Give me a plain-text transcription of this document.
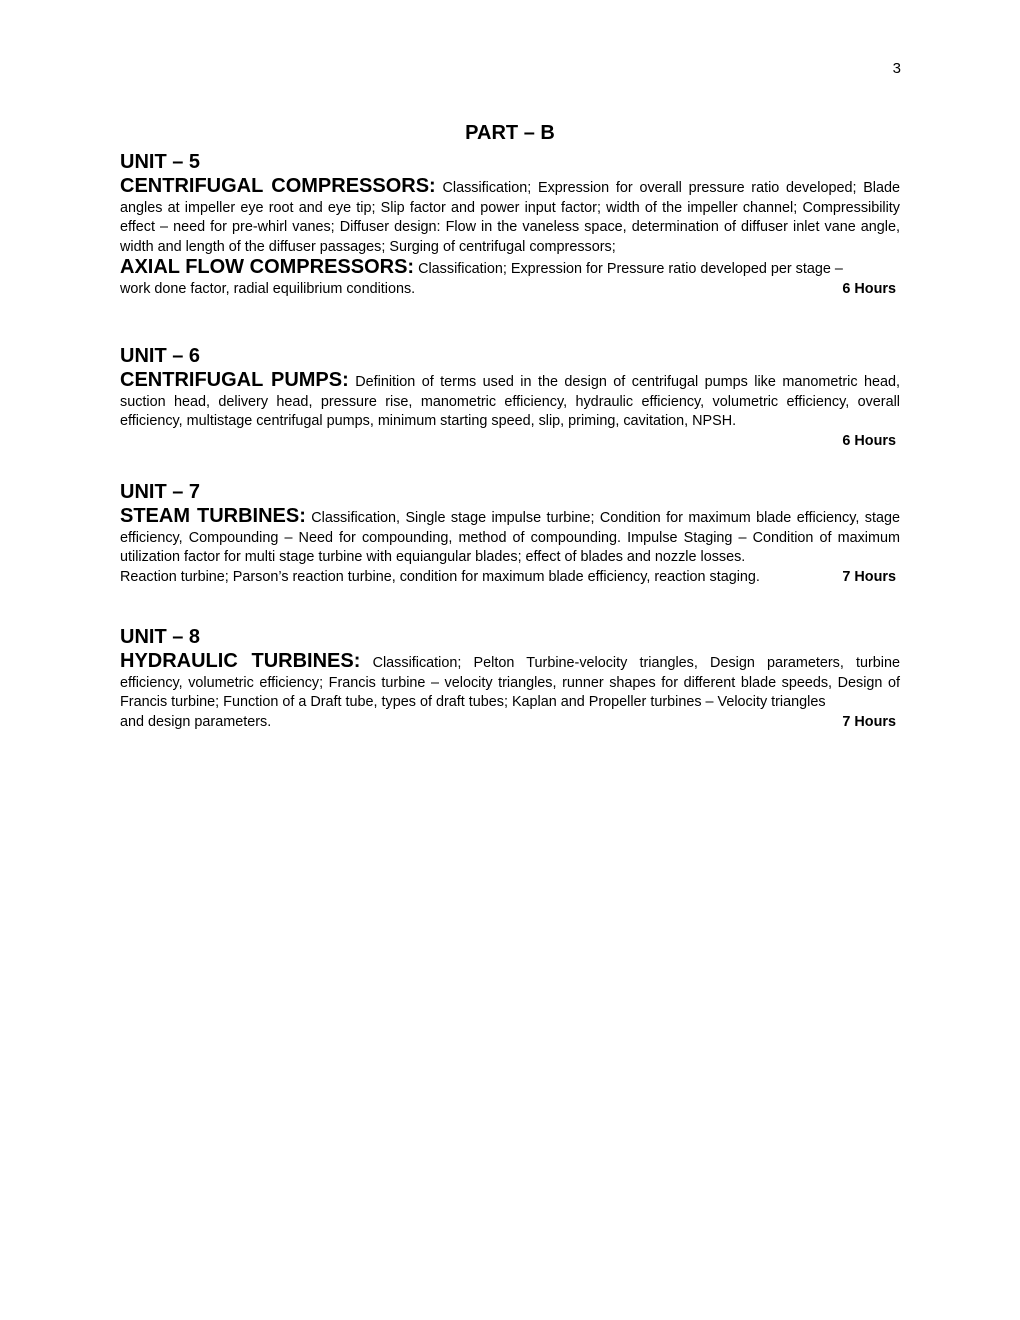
3
PART – B
UNIT – 5

CENTRIFUGAL COMPRESSORS: Classification; Expression for overall pressure ratio developed; Blade angles at impeller eye root and eye tip; Slip factor and power input factor; width of the impeller channel; Compressibility effect – need for pre-whirl vanes; Diffuser design: Flow in the vaneless space, determination of diffuser inlet vane angle, width and length of the diffuser passages; Surging of centrifugal compressors;

AXIAL FLOW COMPRESSORS: Classification; Expression for Pressure ratio developed per stage –

work done factor, radial equilibrium conditions.	6 Hours
UNIT – 6

CENTRIFUGAL PUMPS: Definition of terms used in the design of centrifugal pumps like manometric head, suction head, delivery head, pressure rise, manometric efficiency, hydraulic efficiency, volumetric efficiency, overall efficiency, multistage centrifugal pumps, minimum starting speed, slip, priming, cavitation, NPSH.

6 Hours
UNIT – 7

STEAM TURBINES: Classification, Single stage impulse turbine; Condition for maximum blade efficiency, stage efficiency, Compounding – Need for compounding, method of compounding. Impulse Staging – Condition of maximum utilization factor for multi stage turbine with equiangular blades; effect of blades and nozzle losses.

Reaction turbine; Parson’s reaction turbine, condition for maximum blade efficiency, reaction staging.	7 Hours
UNIT – 8

HYDRAULIC TURBINES: Classification; Pelton Turbine-velocity triangles, Design parameters, turbine efficiency, volumetric efficiency; Francis turbine – velocity triangles, runner shapes for different blade speeds, Design of Francis turbine; Function of a Draft tube, types of draft tubes; Kaplan and Propeller turbines – Velocity triangles

and design parameters.	7 Hours
